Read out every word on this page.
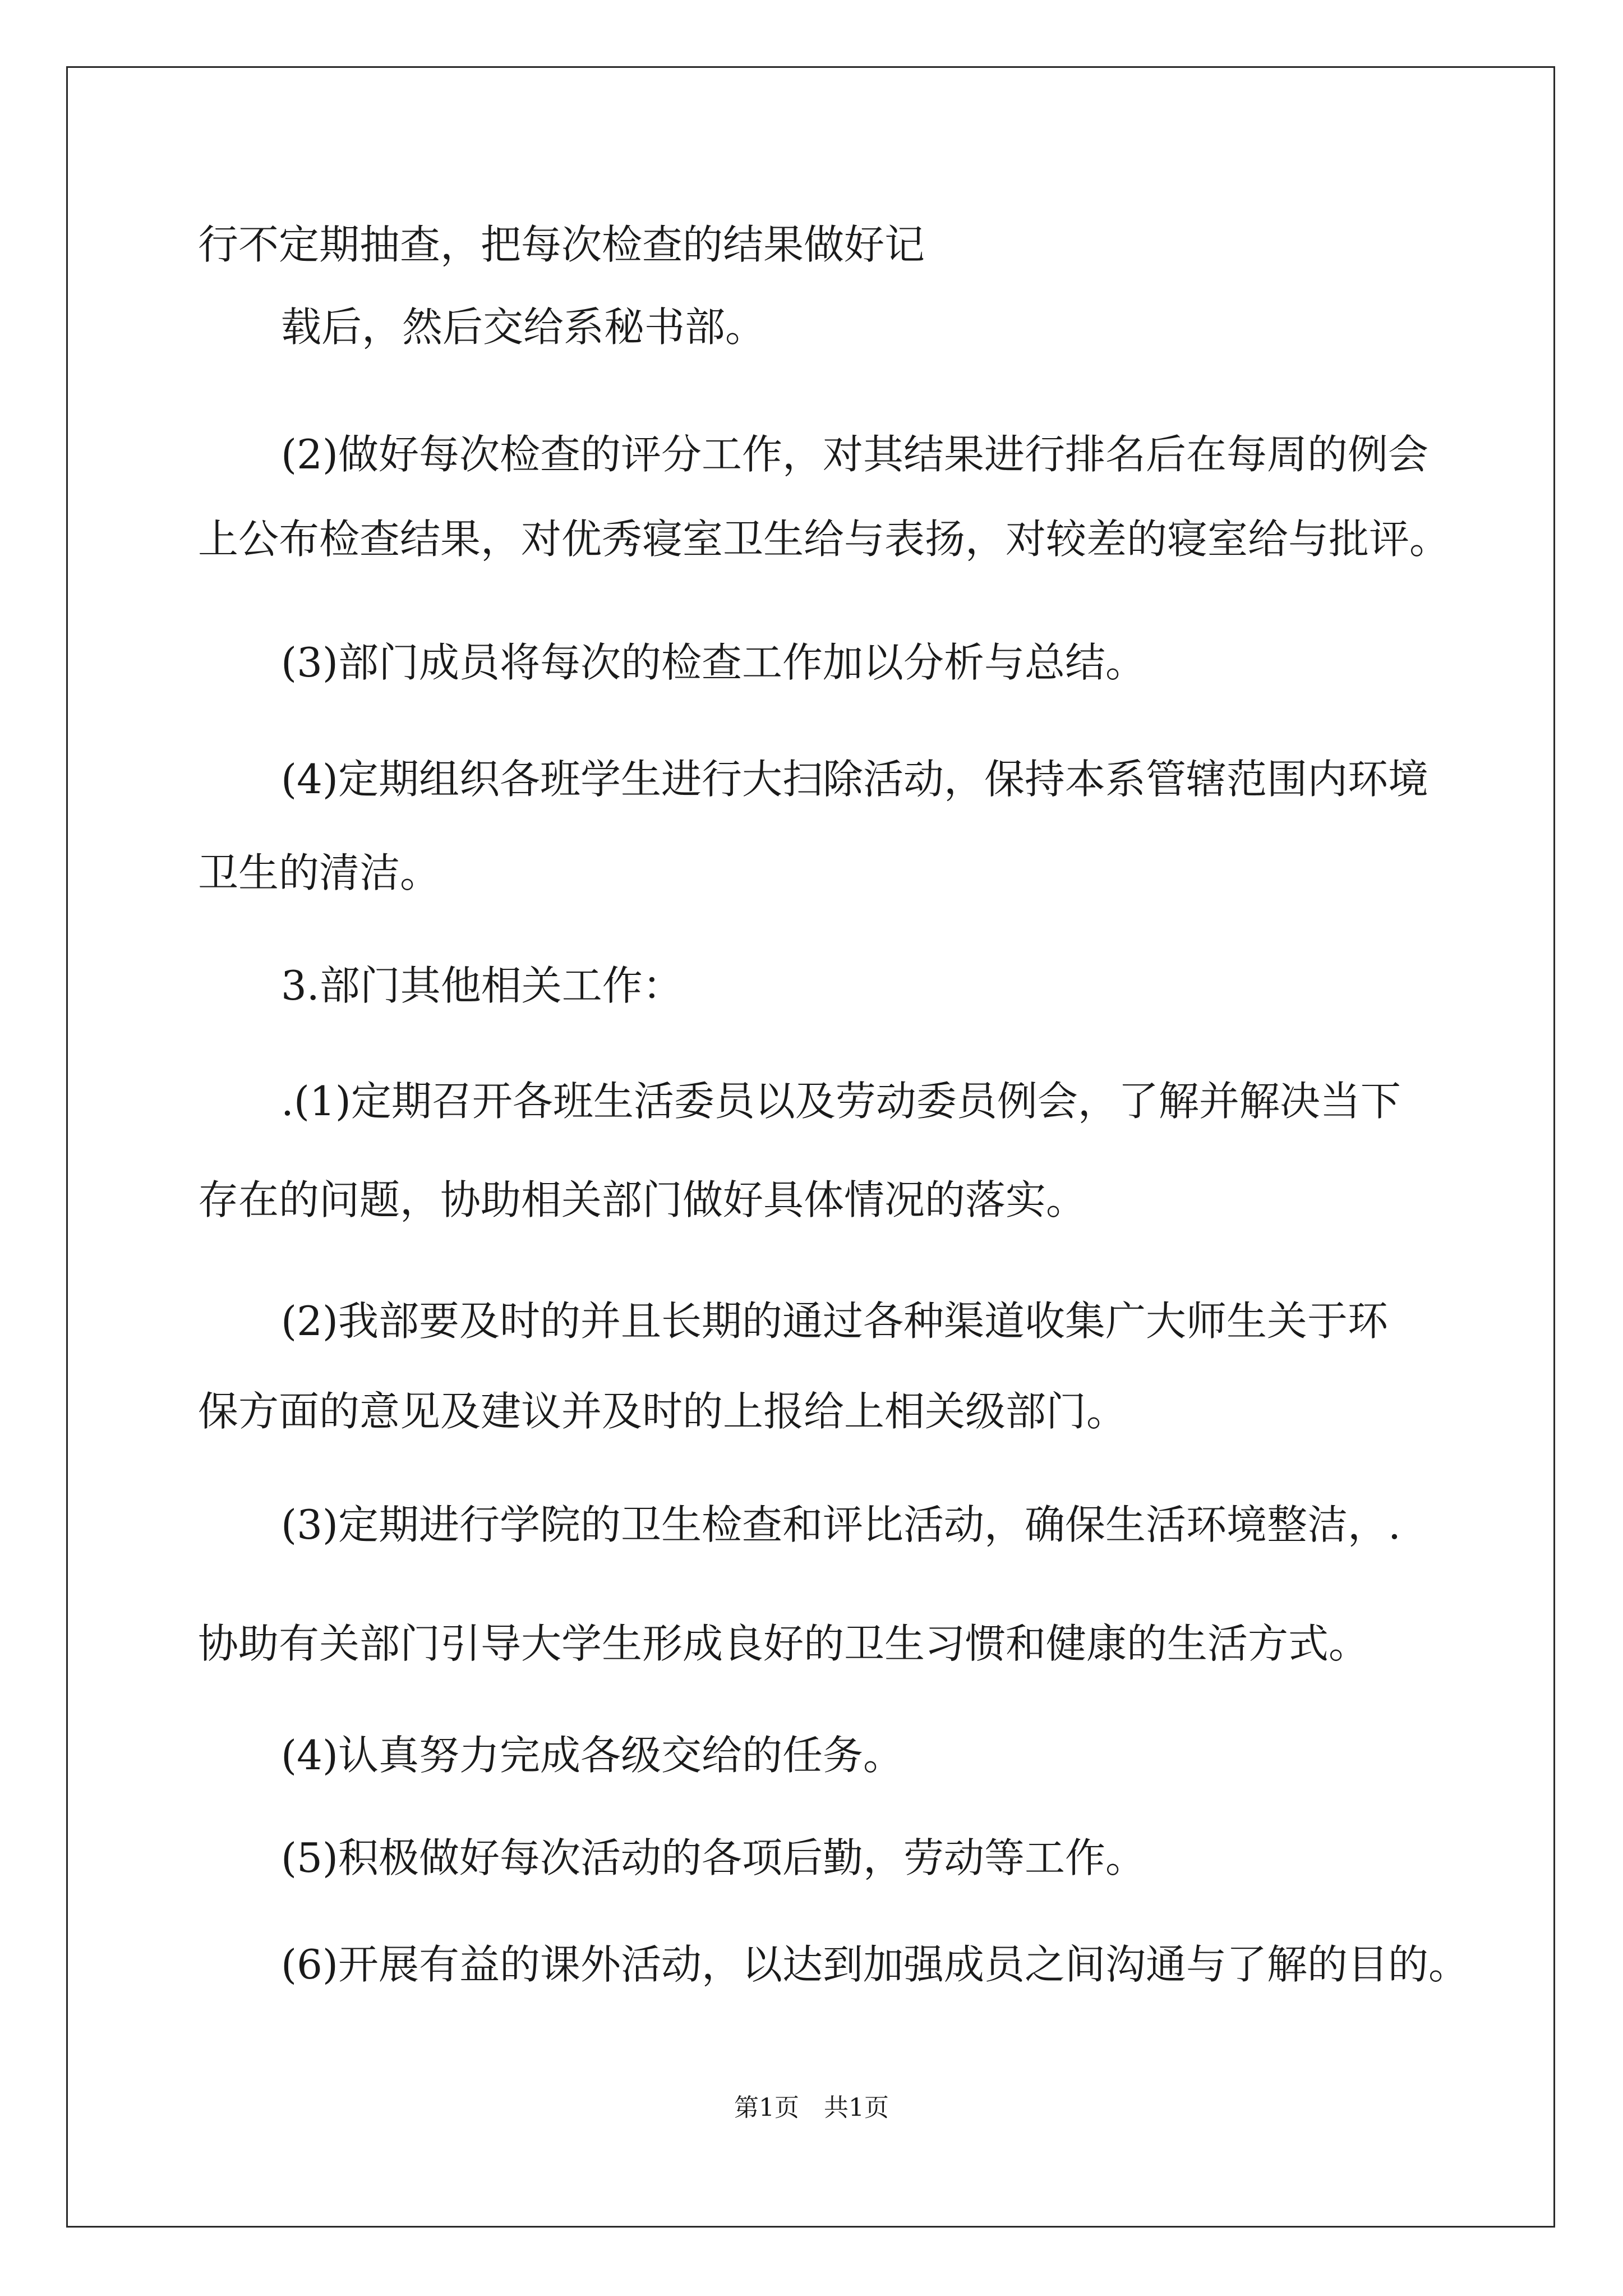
行不定期抽查，把每次检查的结果做好记
载后，然后交给系秘书部。
(2)做好每次检查的评分工作，对其结果进行排名后在每周的例会
上公布检查结果，对优秀寝室卫生给与表扬，对较差的寝室给与批评。
(3)部门成员将每次的检查工作加以分析与总结。
(4)定期组织各班学生进行大扫除活动，保持本系管辖范围内环境
卫生的清洁。
3.部门其他相关工作：
.(1)定期召开各班生活委员以及劳动委员例会，了解并解决当下
存在的问题，协助相关部门做好具体情况的落实。
(2)我部要及时的并且长期的通过各种渠道收集广大师生关于环
保方面的意见及建议并及时的上报给上相关级部门。
(3)定期进行学院的卫生检查和评比活动，确保生活环境整洁，.
协助有关部门引导大学生形成良好的卫生习惯和健康的生活方式。
(4)认真努力完成各级交给的任务。
(5)积极做好每次活动的各项后勤，劳动等工作。
(6)开展有益的课外活动，以达到加强成员之间沟通与了解的目的。
第1页　共1页
